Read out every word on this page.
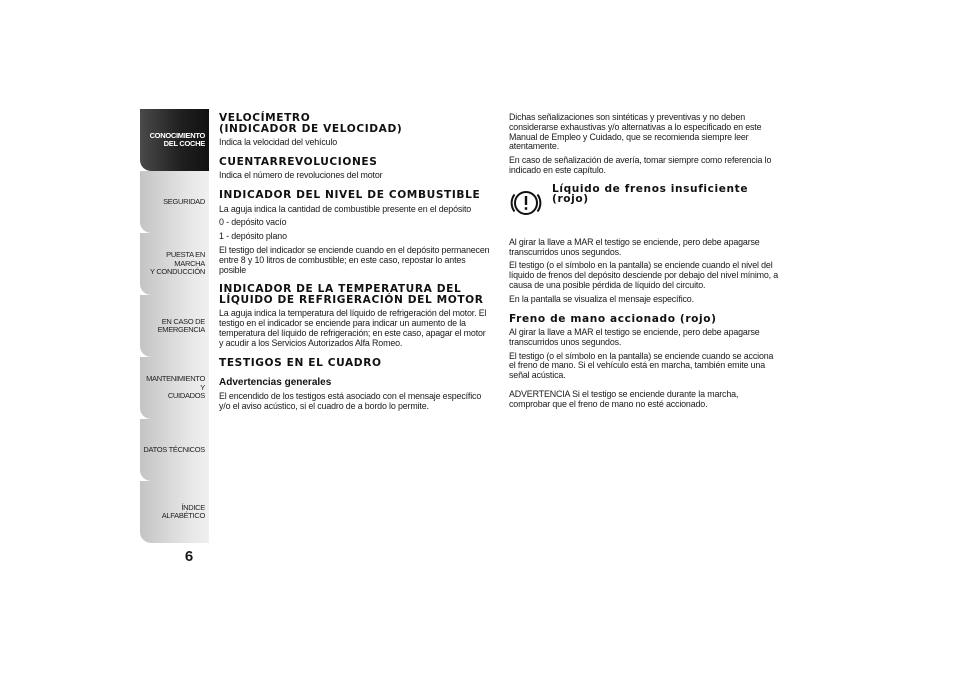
CONOCIMIENTO
DEL COCHE
SEGURIDAD
PUESTA EN MARCHA
Y CONDUCCIÓN
EN CASO DE
EMERGENCIA
MANTENIMIENTO Y
CUIDADOS
DATOS TÉCNICOS
ÍNDICE ALFABÉTICO
6
VELOCÍMETRO
(INDICADOR DE VELOCIDAD)

Indica la velocidad del vehículo

CUENTARREVOLUCIONES

Indica el número de revoluciones del motor

INDICADOR DEL NIVEL DE COMBUSTIBLE

La aguja indica la cantidad de combustible presente en el depósito

0 - depósito vacío

1 - depósito plano

El testigo del indicador se enciende cuando en el depósito permanecen entre 8 y 10 litros de combustible; en este caso, repostar lo antes posible

INDICADOR DE LA TEMPERATURA DEL LÍQUIDO DE REFRIGERACIÓN DEL MOTOR

La aguja indica la temperatura del líquido de refrigeración del motor. El testigo en el indicador se enciende para indicar un aumento de la temperatura del líquido de refrigeración; en este caso, apagar el motor y acudir a los Servicios Autorizados Alfa Romeo.

TESTIGOS EN EL CUADRO
Advertencias generales

El encendido de los testigos está asociado con el mensaje específico y/o el aviso acústico, si el cuadro de a bordo lo permite.

Dichas señalizaciones son sintéticas y preventivas y no deben considerarse exhaustivas y/o alternativas a lo especificado en este Manual de Empleo y Cuidado, que se recomienda siempre leer atentamente.

En caso de señalización de avería, tomar siempre como referencia lo indicado en este capítulo.

Líquido de frenos insuficiente (rojo)

Al girar la llave a MAR el testigo se enciende, pero debe apagarse transcurridos unos segundos.

El testigo (o el símbolo en la pantalla) se enciende cuando el nivel del líquido de frenos del depósito desciende por debajo del nivel mínimo, a causa de una posible pérdida de líquido del circuito.

En la pantalla se visualiza el mensaje específico.

Freno de mano accionado (rojo)

Al girar la llave a MAR el testigo se enciende, pero debe apagarse transcurridos unos segundos.

El testigo (o el símbolo en la pantalla) se enciende cuando se acciona el freno de mano. Si el vehículo está en marcha, también emite una señal acústica.

ADVERTENCIA Si el testigo se enciende durante la marcha, comprobar que el freno de mano no esté accionado.
